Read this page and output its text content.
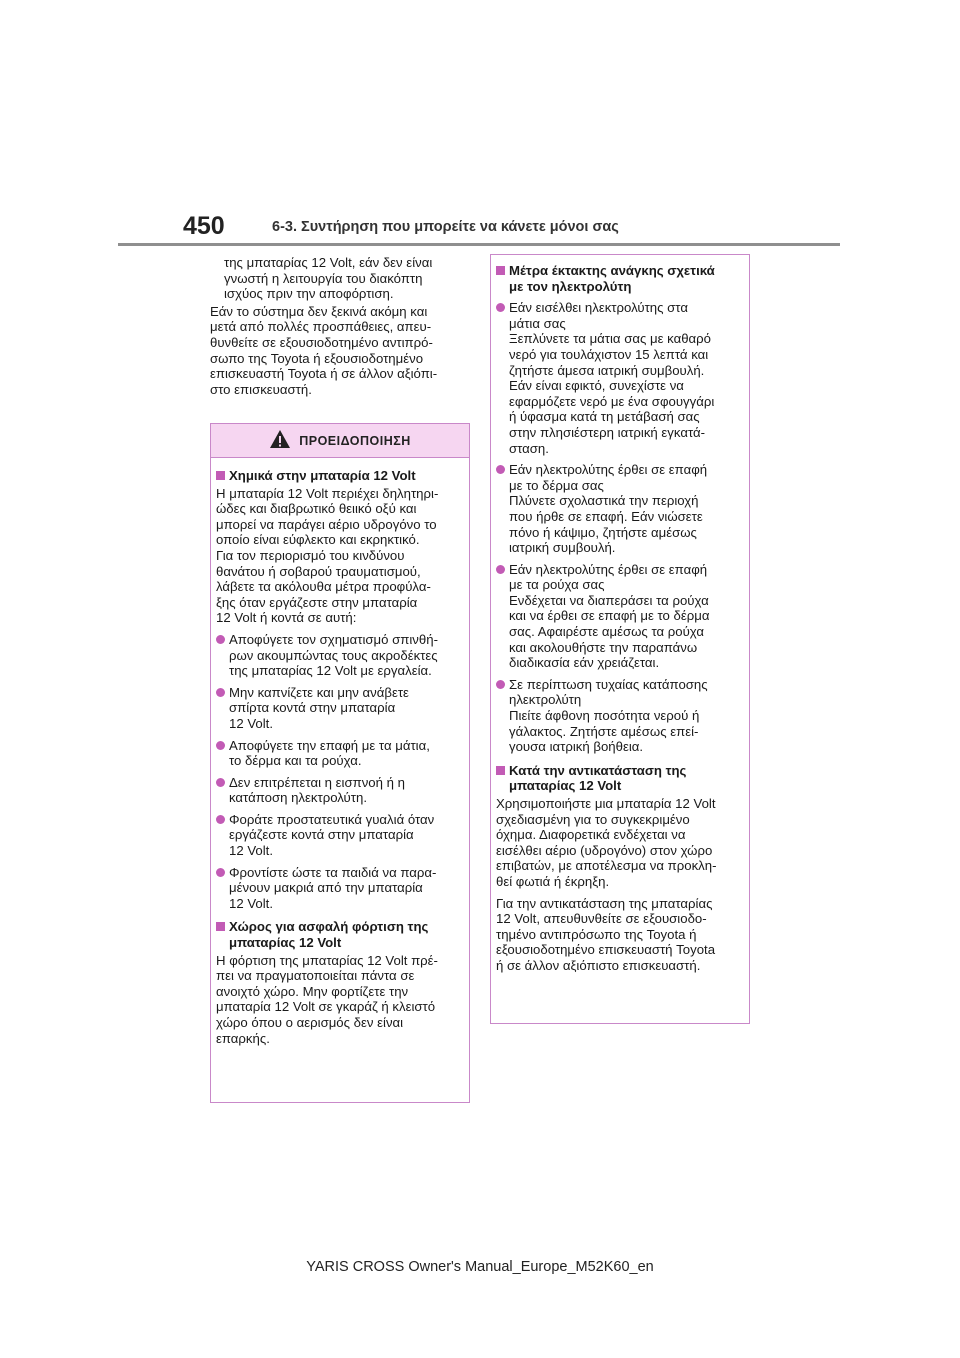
450	6-3. Συντήρηση που μπορείτε να κάνετε μόνοι σας

της μπαταρίας 12 Volt, εάν δεν είναι
γνωστή η λειτουργία του διακόπτη
ισχύος πριν την αποφόρτιση.

Εάν το σύστημα δεν ξεκινά ακόμη και
μετά από πολλές προσπάθειες, απευ-
θυνθείτε σε εξουσιοδοτημένο αντιπρό-
σωπο της Toyota ή εξουσιοδοτημένο
επισκευαστή Toyota ή σε άλλον αξιόπι-
στο επισκευαστή.

ΠΡΟΕΙΔΟΠΟΙΗΣΗ
Χημικά στην μπαταρία 12 Volt

Η μπαταρία 12 Volt περιέχει δηλητηρι-
ώδες και διαβρωτικό θειικό οξύ και
μπορεί να παράγει αέριο υδρογόνο το
οποίο είναι εύφλεκτο και εκρηκτικό.
Για τον περιορισμό του κινδύνου
θανάτου ή σοβαρού τραυματισμού,
λάβετε τα ακόλουθα μέτρα προφύλα-
ξης όταν εργάζεστε στην μπαταρία
12 Volt ή κοντά σε αυτή:

Αποφύγετε τον σχηματισμό σπινθή-
ρων ακουμπώντας τους ακροδέκτες
της μπαταρίας 12 Volt με εργαλεία.
Μην καπνίζετε και μην ανάβετε
σπίρτα κοντά στην μπαταρία
12 Volt.
Αποφύγετε την επαφή με τα μάτια,
το δέρμα και τα ρούχα.
Δεν επιτρέπεται η εισπνοή ή η
κατάποση ηλεκτρολύτη.
Φοράτε προστατευτικά γυαλιά όταν
εργάζεστε κοντά στην μπαταρία
12 Volt.
Φροντίστε ώστε τα παιδιά να παρα-
μένουν μακριά από την μπαταρία
12 Volt.
Χώρος για ασφαλή φόρτιση της
μπαταρίας 12 Volt

Η φόρτιση της μπαταρίας 12 Volt πρέ-
πει να πραγματοποιείται πάντα σε
ανοιχτό χώρο. Μην φορτίζετε την
μπαταρία 12 Volt σε γκαράζ ή κλειστό
χώρο όπου ο αερισμός δεν είναι
επαρκής.

Μέτρα έκτακτης ανάγκης σχετικά
με τον ηλεκτρολύτη
Εάν εισέλθει ηλεκτρολύτης στα
μάτια σας
Ξεπλύνετε τα μάτια σας με καθαρό
νερό για τουλάχιστον 15 λεπτά και
ζητήστε άμεσα ιατρική συμβουλή.
Εάν είναι εφικτό, συνεχίστε να
εφαρμόζετε νερό με ένα σφουγγάρι
ή ύφασμα κατά τη μετάβασή σας
στην πλησιέστερη ιατρική εγκατά-
σταση.
Εάν ηλεκτρολύτης έρθει σε επαφή
με το δέρμα σας
Πλύνετε σχολαστικά την περιοχή
που ήρθε σε επαφή. Εάν νιώσετε
πόνο ή κάψιμο, ζητήστε αμέσως
ιατρική συμβουλή.
Εάν ηλεκτρολύτης έρθει σε επαφή
με τα ρούχα σας
Ενδέχεται να διαπεράσει τα ρούχα
και να έρθει σε επαφή με το δέρμα
σας. Αφαιρέστε αμέσως τα ρούχα
και ακολουθήστε την παραπάνω
διαδικασία εάν χρειάζεται.
Σε περίπτωση τυχαίας κατάποσης
ηλεκτρολύτη
Πιείτε άφθονη ποσότητα νερού ή
γάλακτος. Ζητήστε αμέσως επεί-
γουσα ιατρική βοήθεια.
Κατά την αντικατάσταση της
μπαταρίας 12 Volt

Χρησιμοποιήστε μια μπαταρία 12 Volt
σχεδιασμένη για το συγκεκριμένο
όχημα. Διαφορετικά ενδέχεται να
εισέλθει αέριο (υδρογόνο) στον χώρο
επιβατών, με αποτέλεσμα να προκλη-
θεί φωτιά ή έκρηξη.

Για την αντικατάσταση της μπαταρίας
12 Volt, απευθυνθείτε σε εξουσιοδο-
τημένο αντιπρόσωπο της Toyota ή
εξουσιοδοτημένο επισκευαστή Toyota
ή σε άλλον αξιόπιστο επισκευαστή.

YARIS CROSS Owner's Manual_Europe_M52K60_en
